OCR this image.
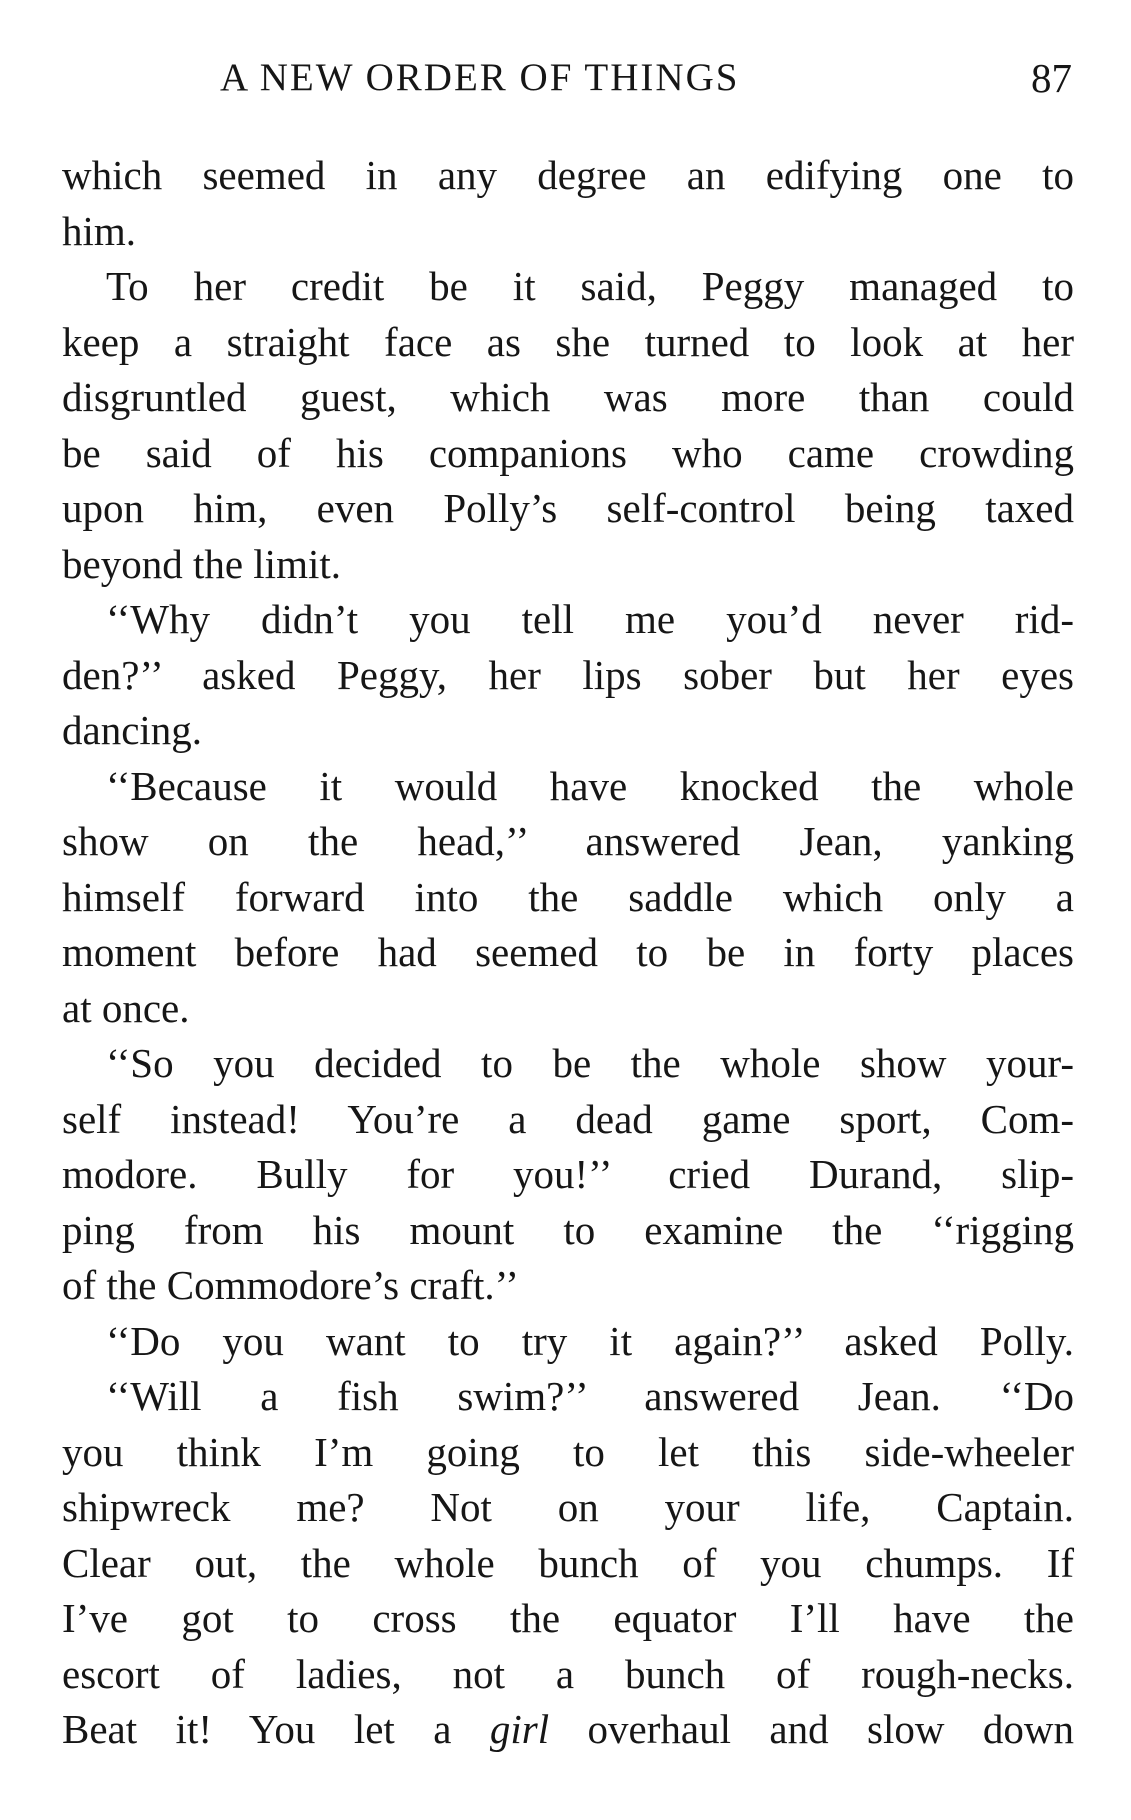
A NEW ORDER OF THINGS	87
which seemed in any degree an edifying one to
him.
To her credit be it said, Peggy managed to
keep a straight face as she turned to look at her
disgruntled guest, which was more than could
be said of his companions who came crowding
upon him, even Polly’s self-control being taxed
beyond the limit.
‘‘Why didn’t you tell me you’d never rid-
den?’’ asked Peggy, her lips sober but her eyes
dancing.
‘‘Because it would have knocked the whole
show on the head,’’ answered Jean, yanking
himself forward into the saddle which only a
moment before had seemed to be in forty places
at once.
‘‘So you decided to be the whole show your-
self instead! You’re a dead game sport, Com-
modore. Bully for you!’’ cried Durand, slip-
ping from his mount to examine the ‘‘rigging
of the Commodore’s craft.’’
‘‘Do you want to try it again?’’ asked Polly.
‘‘Will a fish swim?’’ answered Jean. ‘‘Do
you think I’m going to let this side-wheeler
shipwreck me? Not on your life, Captain.
Clear out, the whole bunch of you chumps. If
I’ve got to cross the equator I’ll have the
escort of ladies, not a bunch of rough-necks.
Beat it! You let a girl overhaul and slow down
